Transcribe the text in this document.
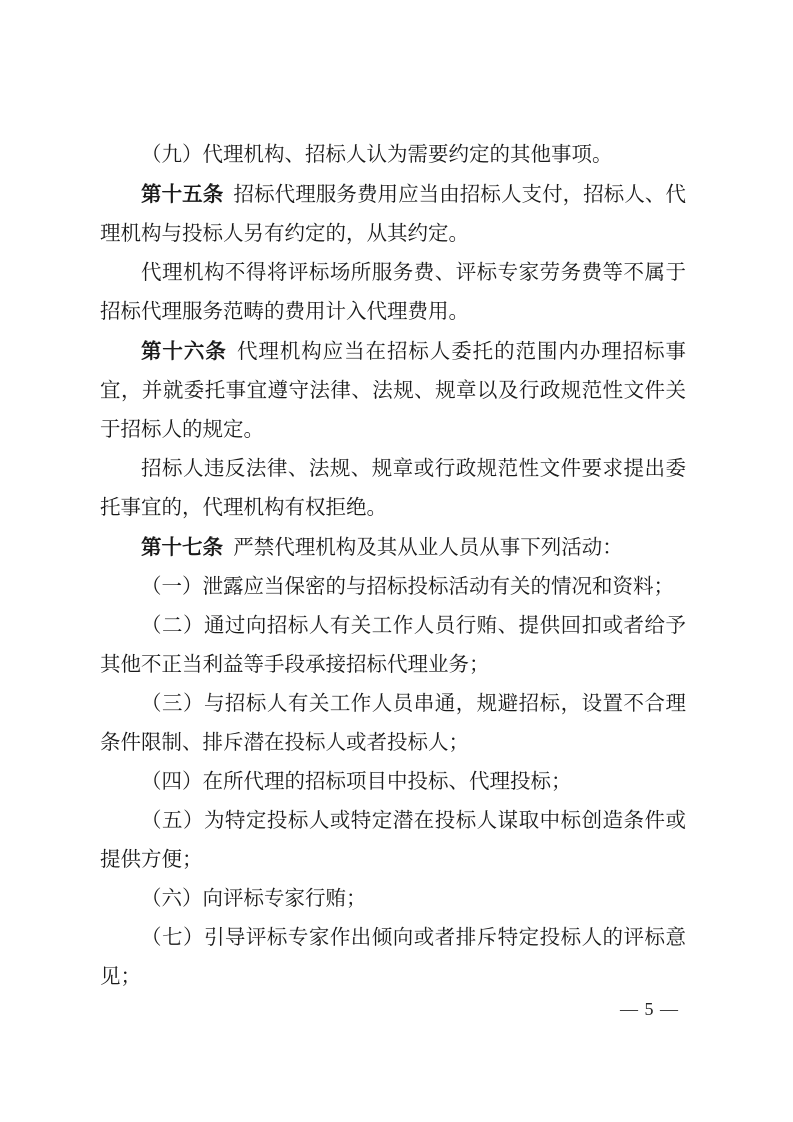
（九）代理机构、招标人认为需要约定的其他事项。

第十五条 招标代理服务费用应当由招标人支付，招标人、代理机构与投标人另有约定的，从其约定。

代理机构不得将评标场所服务费、评标专家劳务费等不属于招标代理服务范畴的费用计入代理费用。

第十六条 代理机构应当在招标人委托的范围内办理招标事宜，并就委托事宜遵守法律、法规、规章以及行政规范性文件关于招标人的规定。

招标人违反法律、法规、规章或行政规范性文件要求提出委托事宜的，代理机构有权拒绝。

第十七条 严禁代理机构及其从业人员从事下列活动：

（一）泄露应当保密的与招标投标活动有关的情况和资料；

（二）通过向招标人有关工作人员行贿、提供回扣或者给予其他不正当利益等手段承接招标代理业务；

（三）与招标人有关工作人员串通，规避招标，设置不合理条件限制、排斥潜在投标人或者投标人；

（四）在所代理的招标项目中投标、代理投标；

（五）为特定投标人或特定潜在投标人谋取中标创造条件或提供方便；

（六）向评标专家行贿；

（七）引导评标专家作出倾向或者排斥特定投标人的评标意见；

— 5 —
